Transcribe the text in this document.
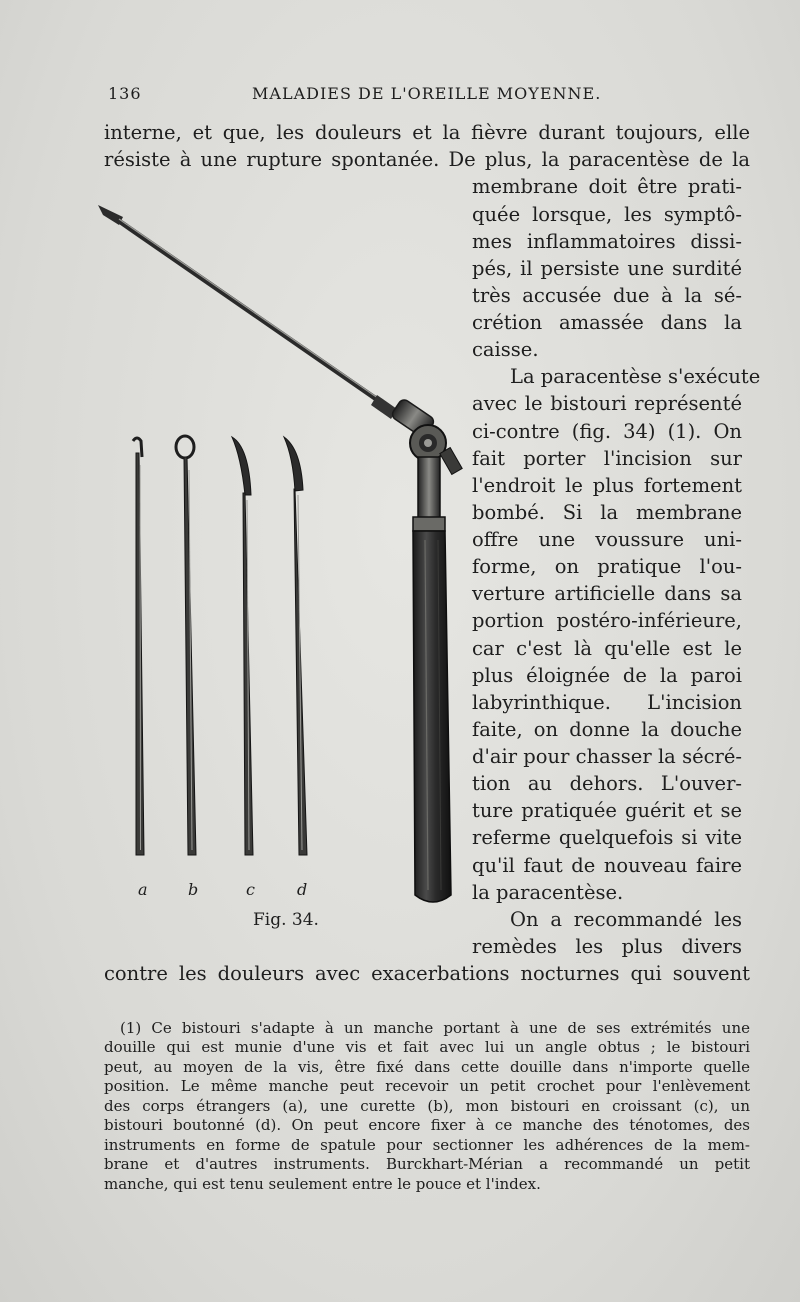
136	MALADIES DE L'OREILLE MOYENNE.
interne, et que, les douleurs et la fièvre durant toujours, elle
résiste à une rupture spontanée. De plus, la paracentèse de la
membrane doit être prati-
quée lorsque, les symptô-
mes inflammatoires dissi-
pés, il persiste une surdité
très accusée due à la sé-
crétion amassée dans la
caisse.
La paracentèse s'exécute
avec le bistouri représenté
ci-contre (fig. 34) (1). On
fait porter l'incision sur
l'endroit le plus fortement
bombé. Si la membrane
offre une voussure uni-
forme, on pratique l'ou-
verture artificielle dans sa
portion postéro-inférieure,
car c'est là qu'elle est le
plus éloignée de la paroi
labyrinthique. L'incision
faite, on donne la douche
d'air pour chasser la sécré-
tion au dehors. L'ouver-
ture pratiquée guérit et se
referme quelquefois si vite
qu'il faut de nouveau faire
la paracentèse.
On a recommandé les
remèdes les plus divers
contre les douleurs avec exacerbations nocturnes qui souvent
a	b	c	d
Fig. 34.
(1) Ce bistouri s'adapte à un manche portant à une de ses extrémités une
douille qui est munie d'une vis et fait avec lui un angle obtus ; le bistouri
peut, au moyen de la vis, être fixé dans cette douille dans n'importe quelle
position. Le même manche peut recevoir un petit crochet pour l'enlèvement
des corps étrangers (a), une curette (b), mon bistouri en croissant (c), un
bistouri boutonné (d). On peut encore fixer à ce manche des ténotomes, des
instruments en forme de spatule pour sectionner les adhérences de la mem-
brane et d'autres instruments. Burckhart-Mérian a recommandé un petit
manche, qui est tenu seulement entre le pouce et l'index.
